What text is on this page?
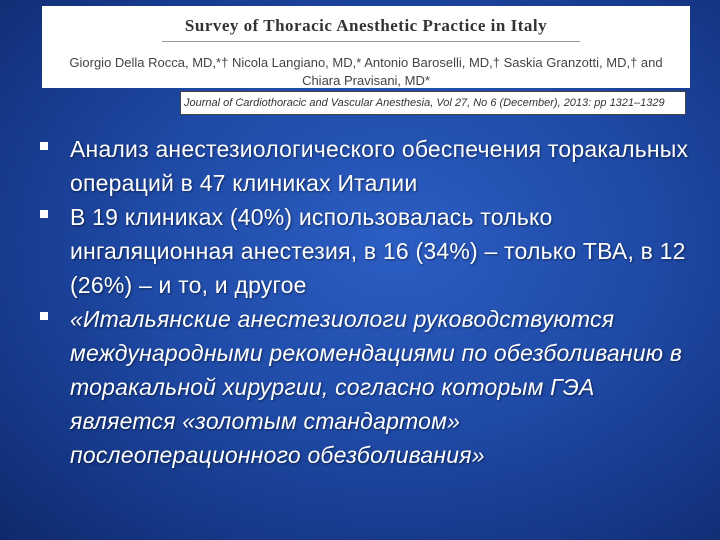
Survey of Thoracic Anesthetic Practice in Italy
Giorgio Della Rocca, MD,*† Nicola Langiano, MD,* Antonio Baroselli, MD,† Saskia Granzotti, MD,† and Chiara Pravisani, MD*
Journal of Cardiothoracic and Vascular Anesthesia, Vol 27, No 6 (December), 2013: pp 1321–1329
Анализ анестезиологического обеспечения торакальных операций в 47 клиниках Италии
В 19 клиниках (40%) использовалась только ингаляционная анестезия, в 16 (34%) – только ТВА, в 12 (26%) – и то, и другое
«Итальянские анестезиологи руководствуются международными рекомендациями по обезболиванию в торакальной хирургии, согласно которым ГЭА является «золотым стандартом» послеоперационного обезболивания»
